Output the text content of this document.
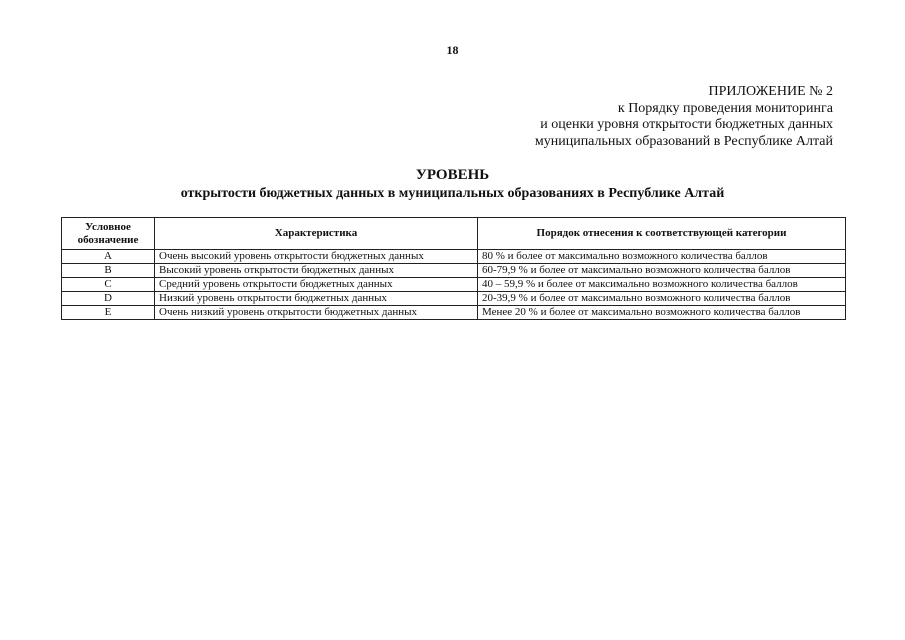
18
ПРИЛОЖЕНИЕ № 2
к Порядку проведения мониторинга
и оценки уровня открытости бюджетных данных
муниципальных образований в Республике Алтай
УРОВЕНЬ
открытости бюджетных данных в муниципальных образованиях в Республике Алтай
Условное обозначение	Характеристика	Порядок отнесения к соответствующей категории
A	Очень высокий уровень открытости бюджетных данных	80 % и более от максимально возможного количества баллов
B	Высокий уровень открытости бюджетных данных	60-79,9 % и более от максимально возможного количества баллов
C	Средний уровень открытости бюджетных данных	40 – 59,9 % и более от максимально возможного количества баллов
D	Низкий уровень открытости бюджетных данных	20-39,9 % и более от максимально возможного количества баллов
E	Очень низкий уровень открытости бюджетных данных	Менее 20 % и более от максимально возможного количества баллов
